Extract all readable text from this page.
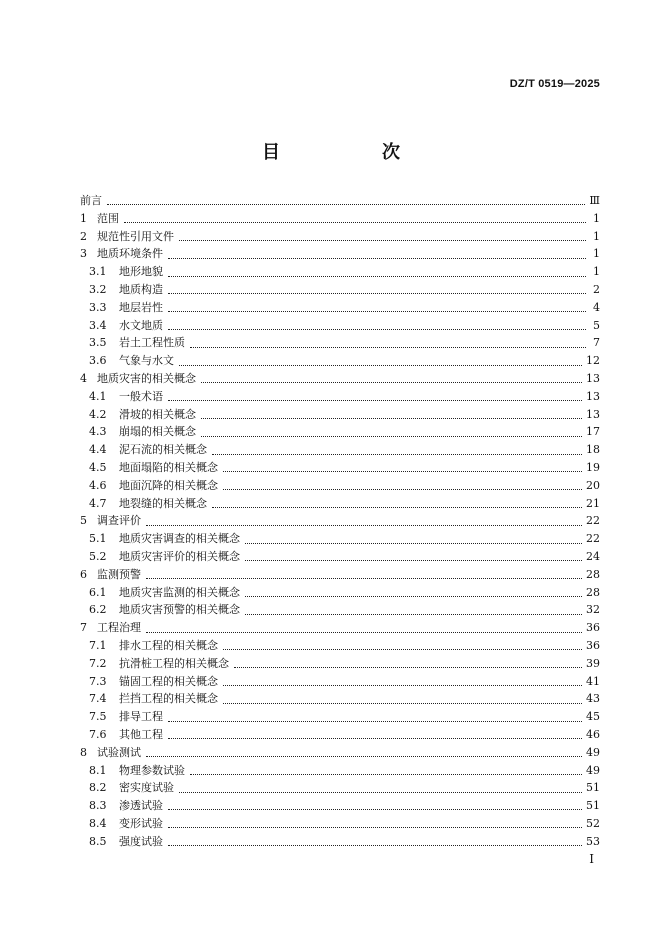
DZ/T 0519—2025
目　次
前言	Ⅲ
1 范围	1
2 规范性引用文件	1
3 地质环境条件	1
3.1	地形地貌	1
3.2	地质构造	2
3.3	地层岩性	4
3.4	水文地质	5
3.5	岩土工程性质	7
3.6	气象与水文	12
4 地质灾害的相关概念	13
4.1	一般术语	13
4.2	滑坡的相关概念	13
4.3	崩塌的相关概念	17
4.4	泥石流的相关概念	18
4.5	地面塌陷的相关概念	19
4.6	地面沉降的相关概念	20
4.7	地裂缝的相关概念	21
5 调查评价	22
5.1	地质灾害调查的相关概念	22
5.2	地质灾害评价的相关概念	24
6 监测预警	28
6.1	地质灾害监测的相关概念	28
6.2	地质灾害预警的相关概念	32
7 工程治理	36
7.1	排水工程的相关概念	36
7.2	抗滑桩工程的相关概念	39
7.3	锚固工程的相关概念	41
7.4	拦挡工程的相关概念	43
7.5	排导工程	45
7.6	其他工程	46
8 试验测试	49
8.1	物理参数试验	49
8.2	密实度试验	51
8.3	渗透试验	51
8.4	变形试验	52
8.5	强度试验	53
Ⅰ
